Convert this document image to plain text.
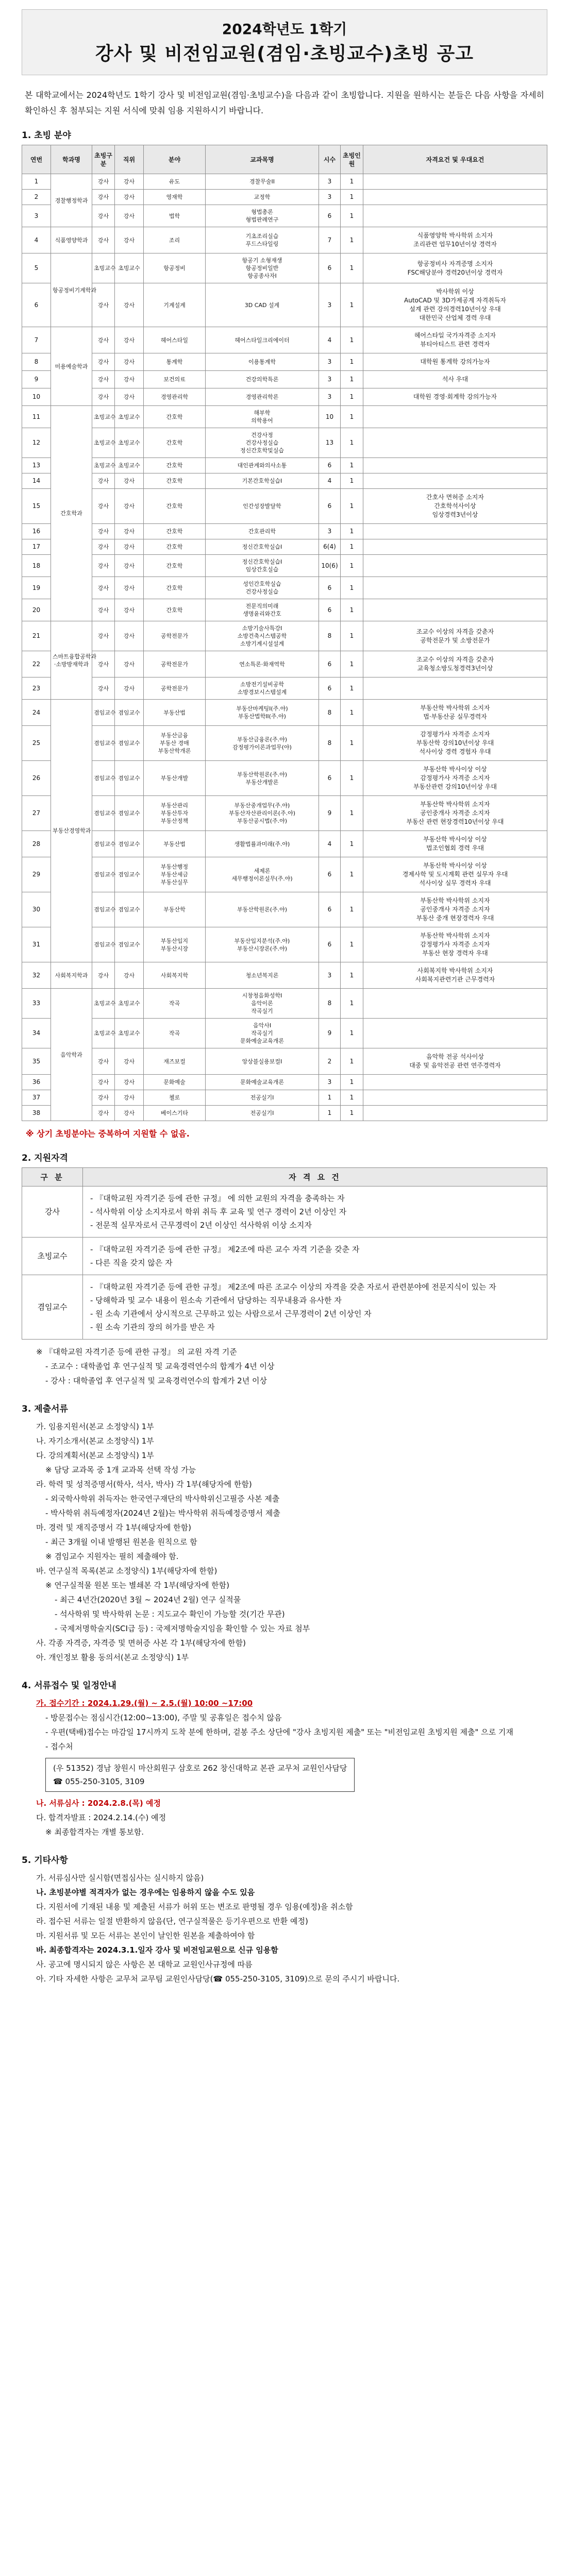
2024학년도 1학기
강사 및 비전임교원(겸임·초빙교수)초빙 공고

본 대학교에서는 2024학년도 1학기 강사 및 비전임교원(겸임·초빙교수)을 다음과 같이 초빙합니다. 지원을 원하시는 분들은 다음 사항을 자세히 확인하신 후 첨부되는 지원 서식에 맞춰 임용 지원하시기 바랍니다.

1. 초빙 분야
연번	학과명	초빙구분	직위	분야	교과목명	시수	초빙인원	자격요건 및 우대요건
1	경찰행정학과	강사	강사	유도	경찰무술II	3	1	
2		강사	강사	영재학	교정학	3	1	
3		강사	강사	법학	형법총론
형법판례연구	6	1	
4	식품영양학과	강사	강사	조리	기초조리실습
푸드스타일링	7	1	식품영양학 박사학위 소지자
조리관련 업무10년이상 경력자
5	항공정비기계학과	초빙교수	초빙교수	항공정비	항공기 소형재생
항공정비일반
항공종사자I	6	1	항공정비사 자격증명 소지자
FSC해당분야 경력20년이상 경력자
6		강사	강사	기계설계	3D CAD 설계	3	1	박사학위 이상
AutoCAD 및 3D가제공계 자격취득자
설계 관련 강의경력10년이상 우대
대한민국 산업체 경력 우대
7	미용예술학과	강사	강사	헤어스타일	헤어스타일크리에이터	4	1	헤어스타일 국가자격증 소지자
뷰티아티스트 관련 경력자
8		강사	강사	통계학	이용통계학	3	1	대학원 통계학 강의가능자
9		강사	강사	보건의료	건강의학특론	3	1	석사 우대
10		강사	강사	경영관리학	경영관리학론	3	1	대학원 경영·회계학 강의가능자
11	간호학과	초빙교수	초빙교수	간호학	해부학
의학용어	10	1	
12		초빙교수	초빙교수	간호학	건강사정
건강사정실습
정신간호학및실습	13	1	
13		초빙교수	초빙교수	간호학	대인관계와의사소통	6	1	
14		강사	강사	간호학	기본간호학실습I	4	1	
15		강사	강사	간호학	인간성장발달학	6	1	간호사 면허증 소지자
간호학석사이상
임상경력3년이상
16		강사	강사	간호학	간호관리학	3	1	
17		강사	강사	간호학	정신간호학실습I	6(4)	1	
18		강사	강사	간호학	정신간호학실습I
임상간호실습	10(6)	1	
19		강사	강사	간호학	성인간호학실습
건강사정실습	6	1	
20		강사	강사	간호학	전문직의미래
생명윤리와간호	6	1	
21	스마트융합공학과·소방방재학과	강사	강사	공학전문가	소방기술사특강I
소방건축시스템공학
소방기계시설설계	8	1	조교수 이상의 자격을 갖춘자
공학전문가 및 소방전문가
22		강사	강사	공학전문가	연소특론·화재역학	6	1	조교수 이상의 자격을 갖춘자
교육청소방도청경력3년이상
23		강사	강사	공학전문가	소방전기설비공학
소방경보시스템설계	6	1	
24	부동산경영학과	겸임교수	겸임교수	부동산법	부동산마케팅I(주.야)
부동산법학II(주.야)	8	1	부동산학 박사학위 소지자
법·부동산공 실무경력자
25		겸임교수	겸임교수	부동산금융
부동산 경매
부동산학개론	부동산금융론(주.야)
감정평가이론과업무(야)	8	1	감정평가사 자격증 소지자
부동산학 강의10년이상 우대
석사이상 경력 경험자 우대
26		겸임교수	겸임교수	부동산개발	부동산학원론(주.야)
부동산개발론	6	1	부동산학 박사이상 이상
감정평가사 자격증 소지자
부동산관련 강의10년이상 우대
27		겸임교수	겸임교수	부동산관리
부동산투자
부동산정책	부동산중개업무(주.야)
부동산자산관리이론(주.야)
부동산공시법(주.야)	9	1	부동산학 박사학위 소지자
공인중개사 자격증 소지자
부동산 관련 현장경력10년이상 우대
28		겸임교수	겸임교수	부동산법	생활법률과미래(주.야)	4	1	부동산학 박사이상 이상
법조인협회 경력 우대
29		겸임교수	겸임교수	부동산행정
부동산세금
부동산실무	세제론
세무행정이론실무(주.야)	6	1	부동산학 박사이상 이상
경제사학 및 도시계획 관련 실무자 우대
석사이상 실무 경력자 우대
30		겸임교수	겸임교수	부동산학	부동산학원론(주.야)	6	1	부동산학 박사학위 소지자
공인중개사 자격증 소지자
부동산 중개 현장경력자 우대
31		겸임교수	겸임교수	부동산입지
부동산시장	부동산입지분석(주.야)
부동산시장론(주.야)	6	1	부동산학 박사학위 소지자
감정평가사 자격증 소지자
부동산 현장 경력자 우대
32	사회복지학과	강사	강사	사회복지학	청소년복지론	3	1	사회복지학 박사학위 소지자
사회복지관련기관 근무경력자
33	음악학과	초빙교수	초빙교수	작곡	시창청음화성학I
음악이론
작곡실기	8	1	
34		초빙교수	초빙교수	작곡	음악사I
작곡실기
문화예술교육개론	9	1	
35		강사	강사	재즈보컬	앙상블실용보컬I	2	1	음악학 전공 석사이상
대중 및 음악전공 관련 연주경력자
36		강사	강사	문화예술	문화예술교육개론	3	1	
37		강사	강사	첼로	전공실기I	1	1	
38		강사	강사	베이스기타	전공실기I	1	1	
※ 상기 초빙분야는 중복하여 지원할 수 없음.
2. 지원자격
구 분	자 격 요 건
강사	- 『대학교원 자격기준 등에 관한 규정』 에 의한 교원의 자격을 충족하는 자
- 석사학위 이상 소지자로서 학위 취득 후 교육 및 연구 경력이 2년 이상인 자
- 전문적 실무자로서 근무경력이 2년 이상인 석사학위 이상 소지자

초빙교수	- 『대학교원 자격기준 등에 관한 규정』 제2조에 따른 교수 자격 기준을 갖춘 자
- 다른 직을 갖지 않은 자

겸임교수	- 『대학교원 자격기준 등에 관한 규정』 제2조에 따른 조교수 이상의 자격을 갖춘 자로서 관련분야에 전문지식이 있는 자
- 당해학과 및 교수 내용이 원소속 기관에서 담당하는 직무내용과 유사한 자
- 원 소속 기관에서 상시적으로 근무하고 있는 사람으로서 근무경력이 2년 이상인 자
- 원 소속 기관의 장의 허가를 받은 자
※ 『대학교원 자격기준 등에 관한 규정』 의 교원 자격 기준
- 조교수 : 대학졸업 후 연구실적 및 교육경력연수의 합계가 4년 이상
- 강사 : 대학졸업 후 연구실적 및 교육경력연수의 합계가 2년 이상
3. 제출서류
가. 임용지원서(본교 소정양식) 1부
나. 자기소개서(본교 소정양식) 1부
다. 강의계획서(본교 소정양식) 1부
※ 담당 교과목 중 1개 교과목 선택 작성 가능
라. 학력 및 성적증명서(학사, 석사, 박사) 각 1부(해당자에 한함)
- 외국학사학위 취득자는 한국연구재단의 박사학위신고필증 사본 제출
- 박사학위 취득예정자(2024년 2월)는 박사학위 취득예정증명서 제출
마. 경력 및 재직증명서 각 1부(해당자에 한함)
- 최근 3개월 이내 발행된 원본을 원칙으로 함
※ 겸임교수 지원자는 필히 제출해야 함.
바. 연구실적 목록(본교 소정양식) 1부(해당자에 한함)
※ 연구실적물 원본 또는 별쇄본 각 1부(해당자에 한함)
- 최근 4년간(2020년 3월 ~ 2024년 2월) 연구 실적물
- 석사학위 및 박사학위 논문 : 지도교수 확인이 가능할 것(기간 무관)
- 국제저명학술지(SCI급 등) : 국제저명학술지임을 확인할 수 있는 자료 첨부
사. 각종 자격증, 자격증 및 면허증 사본 각 1부(해당자에 한함)
아. 개인정보 활용 동의서(본교 소정양식) 1부
4. 서류접수 및 일정안내
가. 접수기간 : 2024.1.29.(월) ~ 2.5.(월) 10:00 ~17:00
- 방문접수는 점심시간(12:00~13:00), 주말 및 공휴일은 접수치 않음
- 우편(택배)접수는 마감일 17시까지 도착 분에 한하며, 겉봉 주소 상단에 "강사 초빙지원 제출" 또는 "비전임교원 초빙지원 제출" 으로 기재
- 접수처
(우 51352) 경남 창원시 마산회원구 삼호로 262 창신대학교 본관 교무처 교원인사담당
☎ 055-250-3105, 3109
나. 서류심사 : 2024.2.8.(목) 예정
다. 합격자발표 : 2024.2.14.(수) 예정
※ 최종합격자는 개별 통보함.
5. 기타사항
가. 서류심사만 실시함(면접심사는 실시하지 않음)
나. 초빙분야별 적격자가 없는 경우에는 임용하지 않을 수도 있음
다. 지원서에 기재된 내용 및 제출된 서류가 허위 또는 변조로 판명될 경우 임용(예정)을 취소함
라. 접수된 서류는 일절 반환하지 않음(단, 연구실적물은 등기우편으로 반환 예정)
마. 지원서류 및 모든 서류는 본인이 날인한 원본을 제출하여야 함
바. 최종합격자는 2024.3.1.일자 강사 및 비전임교원으로 신규 임용함
사. 공고에 명시되지 않은 사항은 본 대학교 교원인사규정에 따름
아. 기타 자세한 사항은 교무처 교무팀 교원인사담당(☎ 055-250-3105, 3109)으로 문의 주시기 바랍니다.
